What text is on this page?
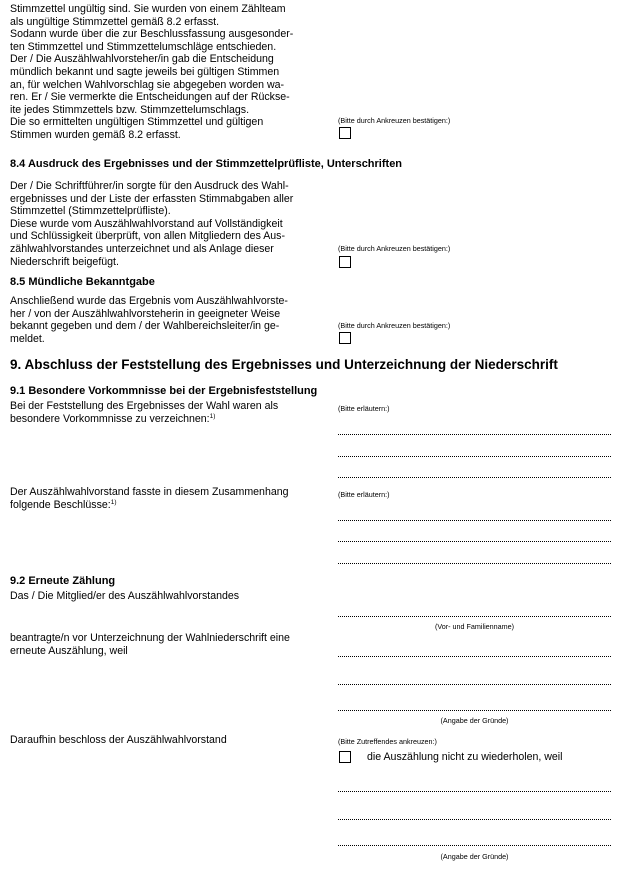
Stimmzettel ungültig sind. Sie wurden von einem Zählteam
als ungültige Stimmzettel gemäß 8.2 erfasst.
Sodann wurde über die zur Beschlussfassung ausgesonder-
ten Stimmzettel und Stimmzettelumschläge entschieden.
Der / Die Auszählwahlvorsteher/in gab die Entscheidung
mündlich bekannt und sagte jeweils bei gültigen Stimmen
an, für welchen Wahlvorschlag sie abgegeben worden wa-
ren. Er / Sie vermerkte die Entscheidungen auf der Rückse-
ite jedes Stimmzettels bzw. Stimmzettelumschlags.
Die so ermittelten ungültigen Stimmzettel und gültigen
Stimmen wurden gemäß 8.2 erfasst.
(Bitte durch Ankreuzen bestätigen:)
8.4 Ausdruck des Ergebnisses und der Stimmzettelprüfliste, Unterschriften
Der / Die Schriftführer/in sorgte für den Ausdruck des Wahl-
ergebnisses und der Liste der erfassten Stimmabgaben aller
Stimmzettel (Stimmzettelprüfliste).
Diese wurde vom Auszählwahlvorstand auf Vollständigkeit
und Schlüssigkeit überprüft, von allen Mitgliedern des Aus-
zählwahlvorstandes unterzeichnet und als Anlage dieser
Niederschrift beigefügt.
(Bitte durch Ankreuzen bestätigen:)
8.5 Mündliche Bekanntgabe
Anschließend wurde das Ergebnis vom Auszählwahlvorste-
her / von der Auszählwahlvorsteherin in geeigneter Weise
bekannt gegeben und dem / der Wahlbereichsleiter/in ge-
meldet.
(Bitte durch Ankreuzen bestätigen:)
9. Abschluss der Feststellung des Ergebnisses und Unterzeichnung der Niederschrift
9.1 Besondere Vorkommnisse bei der Ergebnisfeststellung
Bei der Feststellung des Ergebnisses der Wahl waren als
besondere Vorkommnisse zu verzeichnen:$^{1)}$
(Bitte erläutern:)
Der Auszählwahlvorstand fasste in diesem Zusammenhang
folgende Beschlüsse:$^{1)}$
(Bitte erläutern:)
9.2 Erneute Zählung
Das / Die Mitglied/er des Auszählwahlvorstandes
(Vor- und Familienname)
beantragte/n vor Unterzeichnung der Wahlniederschrift eine
erneute Auszählung, weil
(Angabe der Gründe)
Daraufhin beschloss der Auszählwahlvorstand	(Bitte Zutreffendes ankreuzen:)
die Auszählung nicht zu wiederholen, weil
(Angabe der Gründe)
